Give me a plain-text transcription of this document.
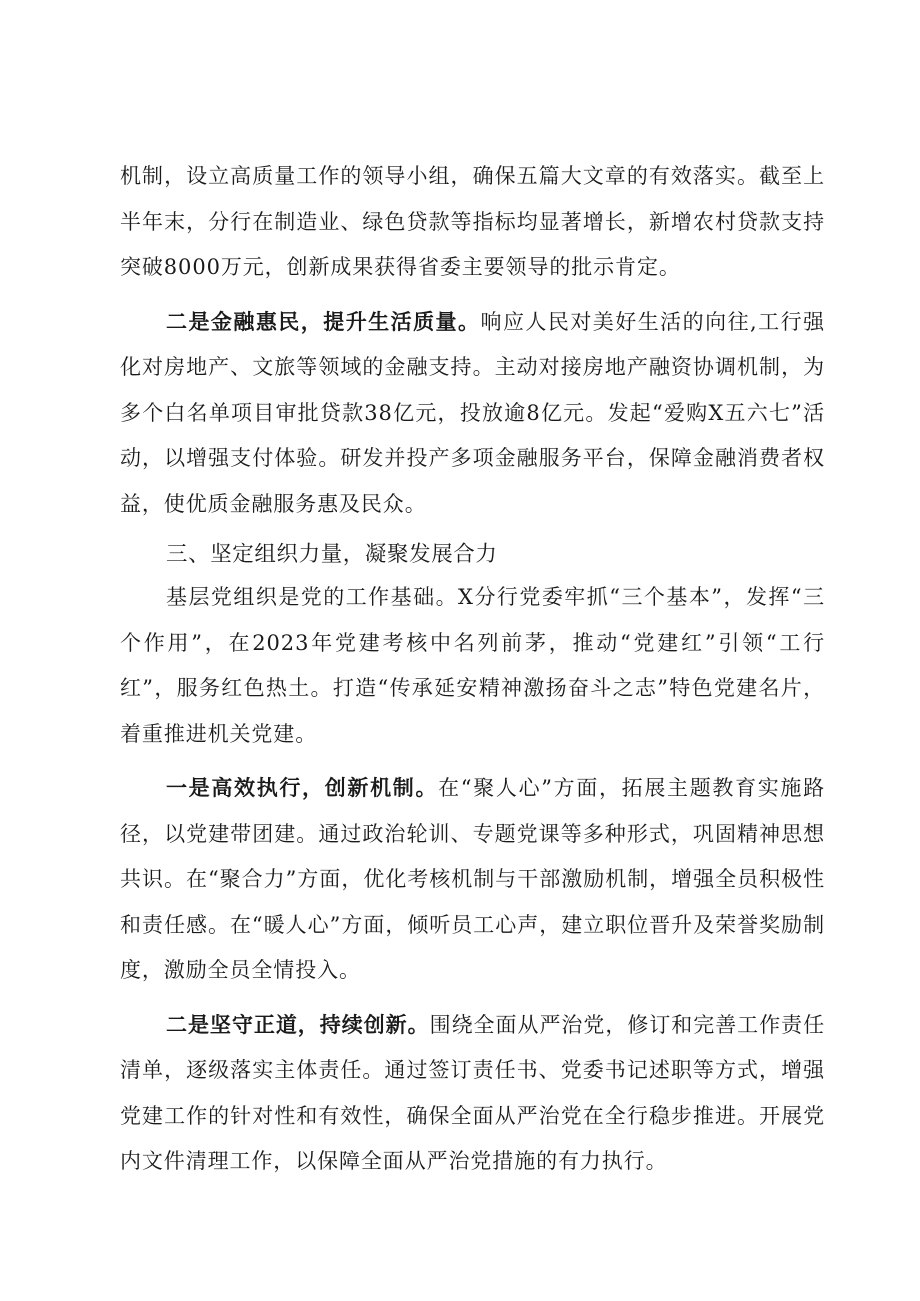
机制，设立高质量工作的领导小组，确保五篇大文章的有效落实。截至上半年末，分行在制造业、绿色贷款等指标均显著增长，新增农村贷款支持突破8000万元，创新成果获得省委主要领导的批示肯定。

二是金融惠民，提升生活质量。响应人民对美好生活的向往,工行强化对房地产、文旅等领域的金融支持。主动对接房地产融资协调机制，为多个白名单项目审批贷款38亿元，投放逾8亿元。发起“爱购X五六七”活动，以增强支付体验。研发并投产多项金融服务平台，保障金融消费者权益，使优质金融服务惠及民众。

三、坚定组织力量，凝聚发展合力

基层党组织是党的工作基础。X分行党委牢抓“三个基本”，发挥“三个作用”，在2023年党建考核中名列前茅，推动“党建红”引领“工行红”，服务红色热土。打造“传承延安精神激扬奋斗之志”特色党建名片，着重推进机关党建。

一是高效执行，创新机制。在“聚人心”方面，拓展主题教育实施路径，以党建带团建。通过政治轮训、专题党课等多种形式，巩固精神思想共识。在“聚合力”方面，优化考核机制与干部激励机制，增强全员积极性和责任感。在“暖人心”方面，倾听员工心声，建立职位晋升及荣誉奖励制度，激励全员全情投入。

二是坚守正道，持续创新。围绕全面从严治党，修订和完善工作责任清单，逐级落实主体责任。通过签订责任书、党委书记述职等方式，增强党建工作的针对性和有效性，确保全面从严治党在全行稳步推进。开展党内文件清理工作，以保障全面从严治党措施的有力执行。
